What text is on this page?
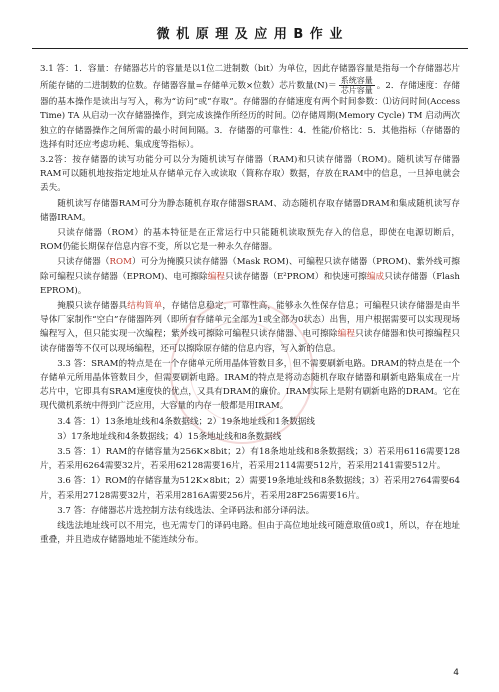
微 机 原 理 及 应 用 B 作 业

3.1 答：1．容量：存储器芯片的容量是以1位二进制数（bit）为单位，因此存储器容量是指每一个存储器芯片所能存储的二进制数的位数。存储器容量=存储单元数×位数）芯片数量$(N)= \frac{\text{系统容量}}{\text{芯片容量}}$ 。2．存储速度：存储器的基本操作是读出与写入，称为“访问”或“存取”。存储器的存储速度有两个时间参数：⑴访问时间(Access Time) TA 从启动一次存储器操作，到完成该操作所经历的时间。⑵存储周期(Memory Cycle) TM 启动两次独立的存储器操作之间所需的最小时间间隔。3．存储器的可靠性：4．性能/价格比：5．其他指标（存储器的选择有时还应考虑功耗、集成度等指标）。

3.2答：按存储器的读写功能分可以分为随机读写存储器（RAM)和只读存储器（ROM)。随机读写存储器RAM可以随机地按指定地址从存储单元存入或读取（简称存取）数据，存放在RAM中的信息，一旦掉电就会丢失。

随机读写存储器RAM可分为静态随机存取存储器SRAM、动态随机存取存储器DRAM和集成随机读写存储器IRAM。

只读存储器（ROM）的基本特征是在正常运行中只能随机读取预先存入的信息，即使在电源切断后，ROM仍能长期保存信息内容不变，所以它是一种永久存储器。

只读存储器（ROM）可分为掩膜只读存储器（Mask ROM)、可编程只读存储器（PROM)、紫外线可擦除可编程只读存储器（EPROM)、电可擦除编程只读存储器（E²PROM）和快速可擦编成只读存储器（Flash EPROM)。

掩膜只读存储器具结构简单，存储信息稳定，可靠性高，能够永久性保存信息；可编程只读存储器是由半导体厂家制作“空白”存储器阵列（即所有存储单元全部为1或全部为0状态）出售，用户根据需要可以实现现场编程写入，但只能实现一次编程；紫外线可擦除可编程只读存储器、电可擦除编程只读存储器和快可擦编程只读存储器等不仅可以现场编程，还可以擦除原存储的信息内容，写入新的信息。

3.3 答：SRAM的特点是在一个存储单元所用晶体管数目多，但不需要刷新电路。DRAM的特点是在一个存储单元所用晶体管数目少，但需要刷新电路。IRAM的特点是将动态随机存取存储器和刷新电路集成在一片芯片中，它即具有SRAM速度快的优点，又具有DRAM的廉价。IRAM实际上是附有刷新电路的DRAM。它在现代微机系统中得到广泛应用，大容量的内存一般都是用IRAM。

3.4 答：1）13条地址线和4条数据线；2）19条地址线和1条数据线

3）17条地址线和4条数据线；4）15条地址线和8条数据线

3.5 答：1）RAM的存储容量为256K×8bit；2）有18条地址线和8条数据线；3）若采用6116需要128片，若采用6264需要32片，若采用62128需要16片，若采用2114需要512片，若采用2141需要512片。

3.6 答：1）ROM的存储容量为512K×8bit；2）需要19条地址线和8条数据线；3）若采用2764需要64片，若采用27128需要32片，若采用2816A需要256片，若采用28F256需要16片。

3.7 答：存储器芯片选控制方法有线选法、全译码法和部分译码法。

线选法地址线可以不用完，也无需专门的译码电路。但由于高位地址线可随意取值0或1，所以，存在地址重叠，并且造成存储器地址不能连续分布。

4
